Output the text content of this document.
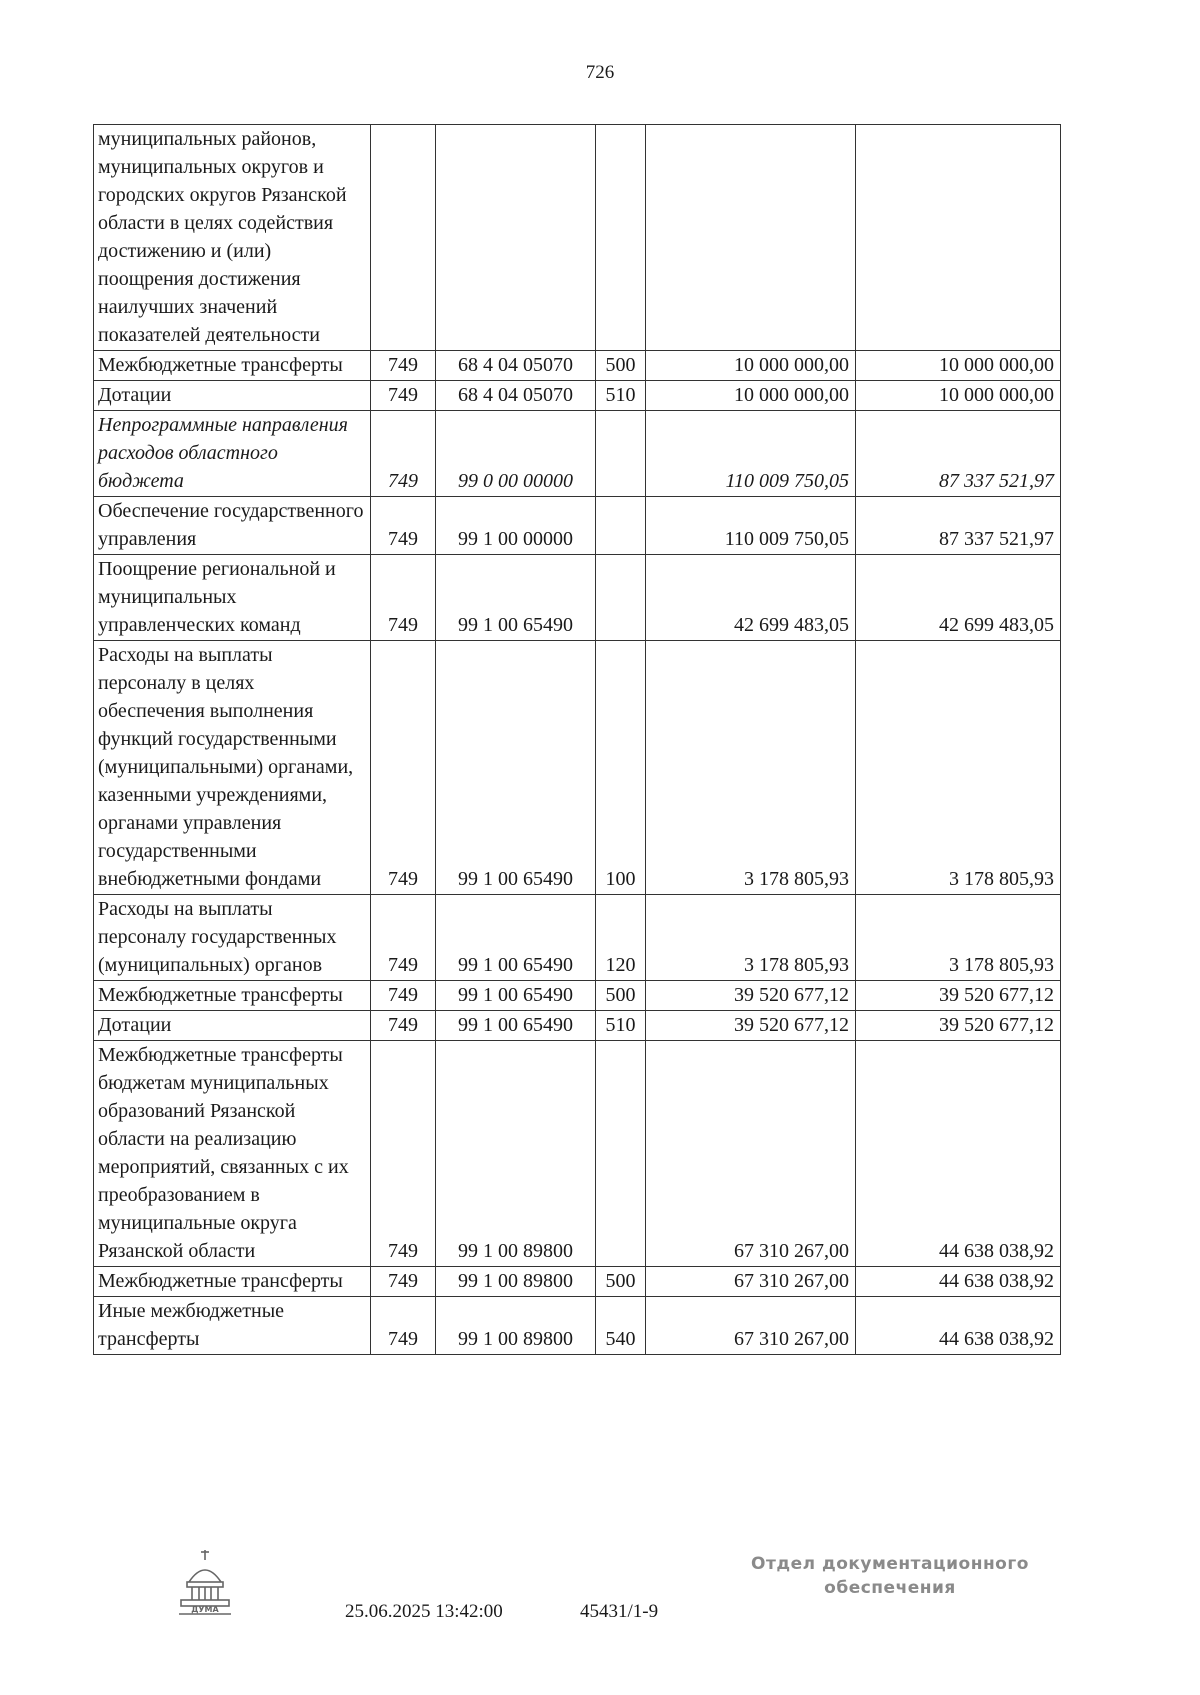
726
муниципальных районов, муниципальных округов и городских округов Рязанской области в целях содействия достижению и (или) поощрения достижения наилучших значений показателей деятельности					
Межбюджетные трансферты	749	68 4 04 05070	500	10 000 000,00	10 000 000,00
Дотации	749	68 4 04 05070	510	10 000 000,00	10 000 000,00
Непрограммные направления расходов областного бюджета	749	99 0 00 00000		110 009 750,05	87 337 521,97
Обеспечение государственного управления	749	99 1 00 00000		110 009 750,05	87 337 521,97
Поощрение региональной и муниципальных управленческих команд	749	99 1 00 65490		42 699 483,05	42 699 483,05
Расходы на выплаты персоналу в целях обеспечения выполнения функций государственными (муниципальными) органами, казенными учреждениями, органами управления государственными внебюджетными фондами	749	99 1 00 65490	100	3 178 805,93	3 178 805,93
Расходы на выплаты персоналу государственных (муниципальных) органов	749	99 1 00 65490	120	3 178 805,93	3 178 805,93
Межбюджетные трансферты	749	99 1 00 65490	500	39 520 677,12	39 520 677,12
Дотации	749	99 1 00 65490	510	39 520 677,12	39 520 677,12
Межбюджетные трансферты бюджетам муниципальных образований Рязанской области на реализацию мероприятий, связанных с их преобразованием в муниципальные округа Рязанской области	749	99 1 00 89800		67 310 267,00	44 638 038,92
Межбюджетные трансферты	749	99 1 00 89800	500	67 310 267,00	44 638 038,92
Иные межбюджетные трансферты	749	99 1 00 89800	540	67 310 267,00	44 638 038,92
ДУМА	25.06.2025 13:42:00	45431/1-9
Отдел документационного
обеспечения
